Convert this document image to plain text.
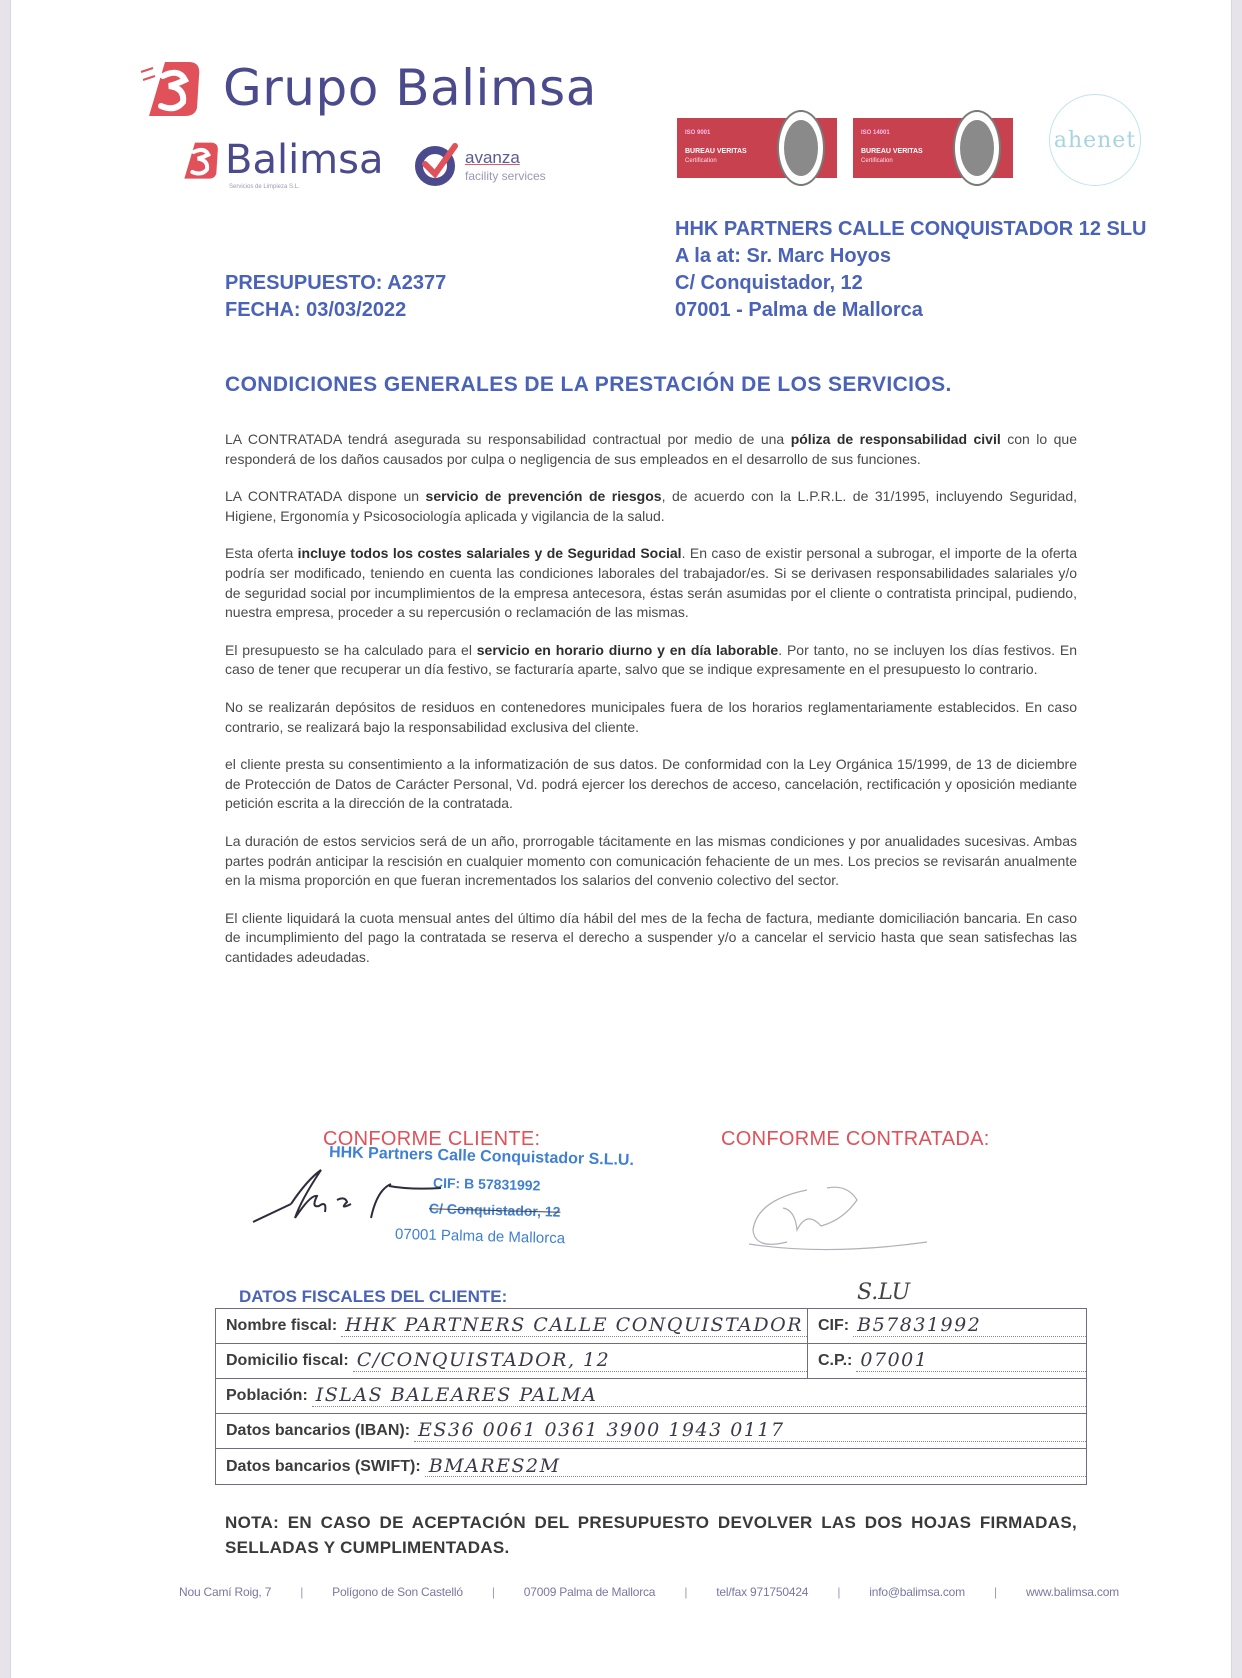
Grupo Balimsa
Balimsa
Servicios de Limpieza S.L.
avanza
facility services
ISO 9001
BUREAU VERITAS
Certification
ISO 14001
BUREAU VERITAS
Certification
ahenet
HHK PARTNERS CALLE CONQUISTADOR 12 SLU
A la at: Sr. Marc Hoyos
C/ Conquistador, 12
07001 - Palma de Mallorca
PRESUPUESTO: A2377
FECHA: 03/03/2022
CONDICIONES GENERALES DE LA PRESTACIÓN DE LOS SERVICIOS.

LA CONTRATADA tendrá asegurada su responsabilidad contractual por medio de una póliza de responsabilidad civil con lo que responderá de los daños causados por culpa o negligencia de sus empleados en el desarrollo de sus funciones.

LA CONTRATADA dispone un servicio de prevención de riesgos, de acuerdo con la L.P.R.L. de 31/1995, incluyendo Seguridad, Higiene, Ergonomía y Psicosociología aplicada y vigilancia de la salud.

Esta oferta incluye todos los costes salariales y de Seguridad Social. En caso de existir personal a subrogar, el importe de la oferta podría ser modificado, teniendo en cuenta las condiciones laborales del trabajador/es. Si se derivasen responsabilidades salariales y/o de seguridad social por incumplimientos de la empresa antecesora, éstas serán asumidas por el cliente o contratista principal, pudiendo, nuestra empresa, proceder a su repercusión o reclamación de las mismas.

El presupuesto se ha calculado para el servicio en horario diurno y en día laborable. Por tanto, no se incluyen los días festivos. En caso de tener que recuperar un día festivo, se facturaría aparte, salvo que se indique expresamente en el presupuesto lo contrario.

No se realizarán depósitos de residuos en contenedores municipales fuera de los horarios reglamentariamente establecidos. En caso contrario, se realizará bajo la responsabilidad exclusiva del cliente.

el cliente presta su consentimiento a la informatización de sus datos. De conformidad con la Ley Orgánica 15/1999, de 13 de diciembre de Protección de Datos de Carácter Personal, Vd. podrá ejercer los derechos de acceso, cancelación, rectificación y oposición mediante petición escrita a la dirección de la contratada.

La duración de estos servicios será de un año, prorrogable tácitamente en las mismas condiciones y por anualidades sucesivas. Ambas partes podrán anticipar la rescisión en cualquier momento con comunicación fehaciente de un mes. Los precios se revisarán anualmente en la misma proporción en que fueran incrementados los salarios del convenio colectivo del sector.

El cliente liquidará la cuota mensual antes del último día hábil del mes de la fecha de factura, mediante domiciliación bancaria. En caso de incumplimiento del pago la contratada se reserva el derecho a suspender y/o a cancelar el servicio hasta que sean satisfechas las cantidades adeudadas.

CONFORME CLIENTE:	CONFORME CONTRATADA:
HHK Partners Calle Conquistador S.L.U.
CIF: B 57831992
C/ Conquistador, 12
07001 Palma de Mallorca
DATOS FISCALES DEL CLIENTE:	S.LU
Nombre fiscal: HHK PARTNERS CALLE CONQUISTADOR CIF: B57831992
Domicilio fiscal: C/CONQUISTADOR, 12	C.P.: 07001
Población: ISLAS BALEARES PALMA
Datos bancarios (IBAN): ES36 0061 0361 3900 1943 0117
Datos bancarios (SWIFT): BMARES2M
NOTA: EN CASO DE ACEPTACIÓN DEL PRESUPUESTO DEVOLVER LAS DOS HOJAS FIRMADAS, SELLADAS Y CUMPLIMENTADAS.
Nou Camí Roig, 7 | Polígono de Son Castelló | 07009 Palma de Mallorca | tel/fax 971750424 | info@balimsa.com | www.balimsa.com
